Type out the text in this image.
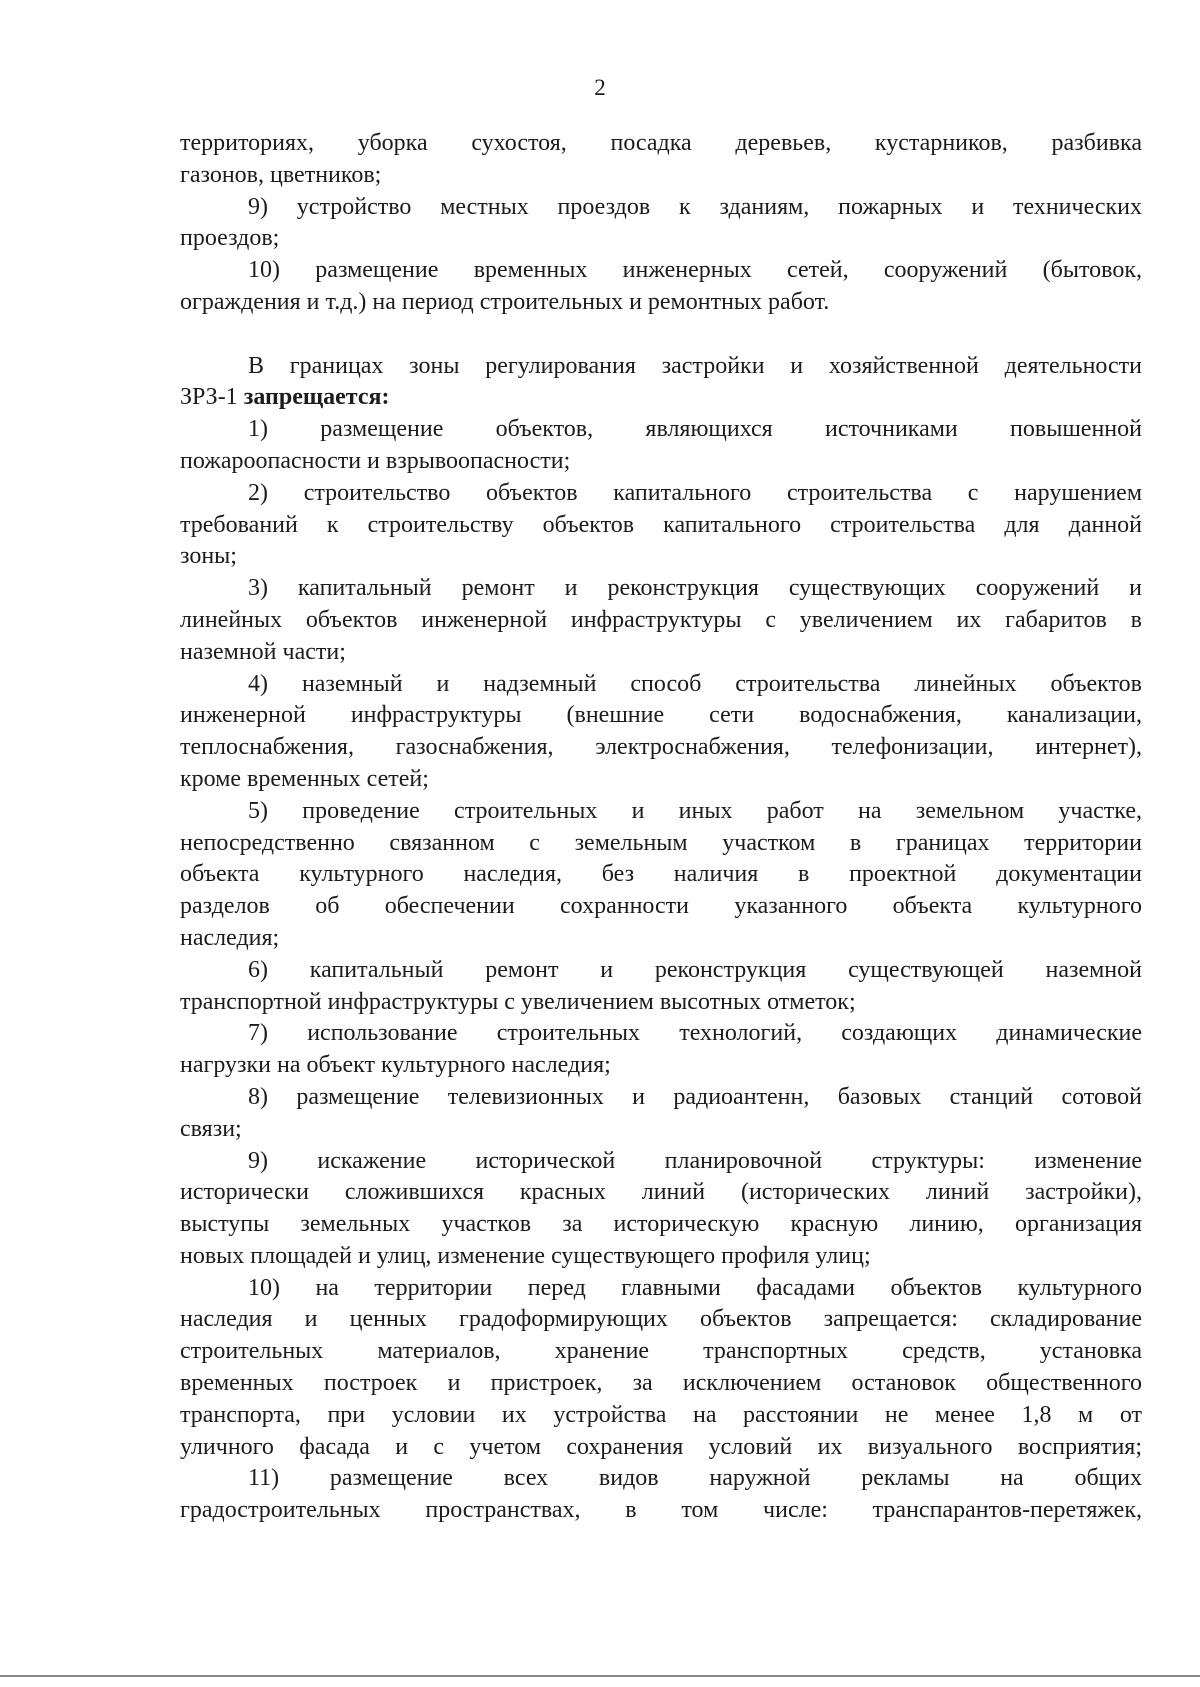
2
территориях, уборка сухостоя, посадка деревьев, кустарников, разбивка
газонов, цветников;
9) устройство местных проездов к зданиям, пожарных и технических
проездов;
10) размещение временных инженерных сетей, сооружений (бытовок,
ограждения и т.д.) на период строительных и ремонтных работ.
В границах зоны регулирования застройки и хозяйственной деятельности
ЗРЗ-1 запрещается:
1) размещение объектов, являющихся источниками повышенной
пожароопасности и взрывоопасности;
2) строительство объектов капитального строительства с нарушением
требований к строительству объектов капитального строительства для данной
зоны;
3) капитальный ремонт и реконструкция существующих сооружений и
линейных объектов инженерной инфраструктуры с увеличением их габаритов в
наземной части;
4) наземный и надземный способ строительства линейных объектов
инженерной инфраструктуры (внешние сети водоснабжения, канализации,
теплоснабжения, газоснабжения, электроснабжения, телефонизации, интернет),
кроме временных сетей;
5) проведение строительных и иных работ на земельном участке,
непосредственно связанном с земельным участком в границах территории
объекта культурного наследия, без наличия в проектной документации
разделов об обеспечении сохранности указанного объекта культурного
наследия;
6) капитальный ремонт и реконструкция существующей наземной
транспортной инфраструктуры с увеличением высотных отметок;
7) использование строительных технологий, создающих динамические
нагрузки на объект культурного наследия;
8) размещение телевизионных и радиоантенн, базовых станций сотовой
связи;
9) искажение исторической планировочной структуры: изменение
исторически сложившихся красных линий (исторических линий застройки),
выступы земельных участков за историческую красную линию, организация
новых площадей и улиц, изменение существующего профиля улиц;
10) на территории перед главными фасадами объектов культурного
наследия и ценных градоформирующих объектов запрещается: складирование
строительных материалов, хранение транспортных средств, установка
временных построек и пристроек, за исключением остановок общественного
транспорта, при условии их устройства на расстоянии не менее 1,8 м от
уличного фасада и с учетом сохранения условий их визуального восприятия;
11) размещение всех видов наружной рекламы на общих
градостроительных пространствах, в том числе: транспарантов-перетяжек,
